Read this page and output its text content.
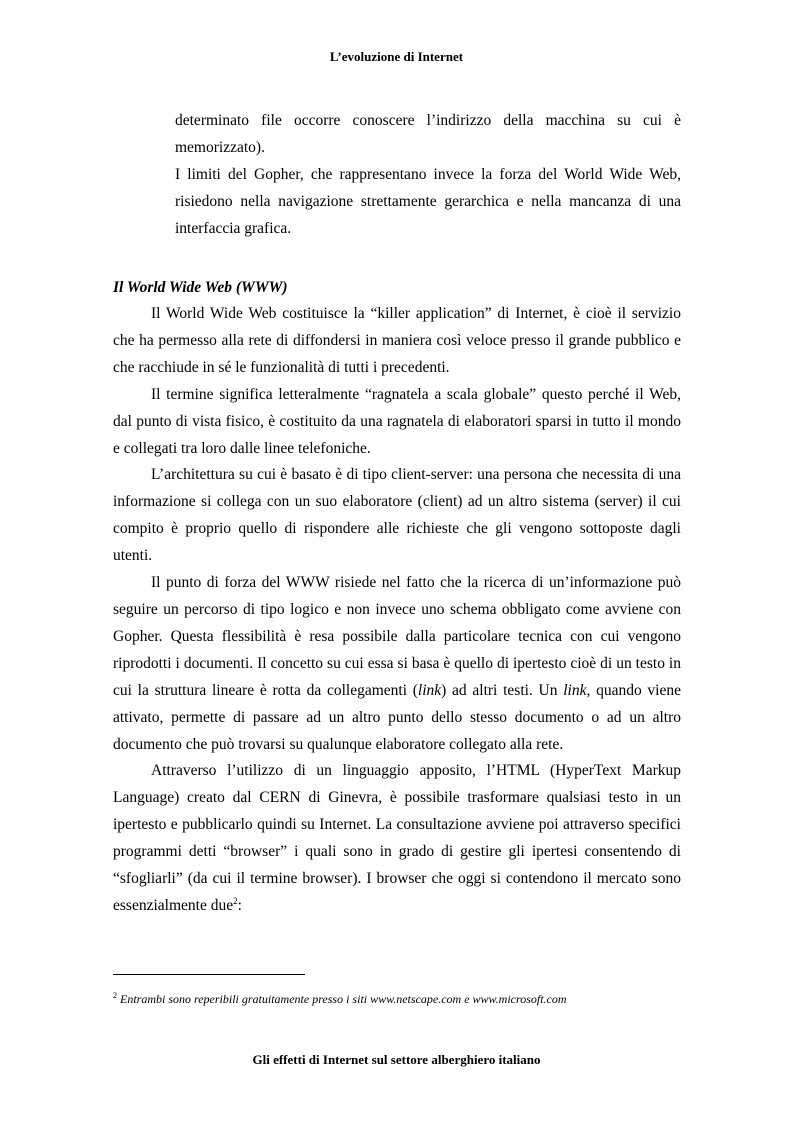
L’evoluzione di Internet

determinato file occorre conoscere l’indirizzo della macchina su cui è memorizzato).

I limiti del Gopher, che rappresentano invece la forza del World Wide Web, risiedono nella navigazione strettamente gerarchica e nella mancanza di una interfaccia grafica.

Il World Wide Web (WWW)

Il World Wide Web costituisce la “killer application” di Internet, è cioè il servizio che ha permesso alla rete di diffondersi in maniera così veloce presso il grande pubblico e che racchiude in sé le funzionalità di tutti i precedenti.

Il termine significa letteralmente “ragnatela a scala globale” questo perché il Web, dal punto di vista fisico, è costituito da una ragnatela di elaboratori sparsi in tutto il mondo e collegati tra loro dalle linee telefoniche.

L’architettura su cui è basato è di tipo client-server: una persona che necessita di una informazione si collega con un suo elaboratore (client) ad un altro sistema (server) il cui compito è proprio quello di rispondere alle richieste che gli vengono sottoposte dagli utenti.

Il punto di forza del WWW risiede nel fatto che la ricerca di un’informazione può seguire un percorso di tipo logico e non invece uno schema obbligato come avviene con Gopher. Questa flessibilità è resa possibile dalla particolare tecnica con cui vengono riprodotti i documenti. Il concetto su cui essa si basa è quello di ipertesto cioè di un testo in cui la struttura lineare è rotta da collegamenti (link) ad altri testi. Un link, quando viene attivato, permette di passare ad un altro punto dello stesso documento o ad un altro documento che può trovarsi su qualunque elaboratore collegato alla rete.

Attraverso l’utilizzo di un linguaggio apposito, l’HTML (HyperText Markup Language) creato dal CERN di Ginevra, è possibile trasformare qualsiasi testo in un ipertesto e pubblicarlo quindi su Internet. La consultazione avviene poi attraverso specifici programmi detti “browser” i quali sono in grado di gestire gli ipertesi consentendo di “sfogliarli” (da cui il termine browser). I browser che oggi si contendono il mercato sono essenzialmente due$^2$:

$^2$ Entrambi sono reperibili gratuitamente presso i siti www.netscape.com e www.microsoft.com
Gli effetti di Internet sul settore alberghiero italiano
